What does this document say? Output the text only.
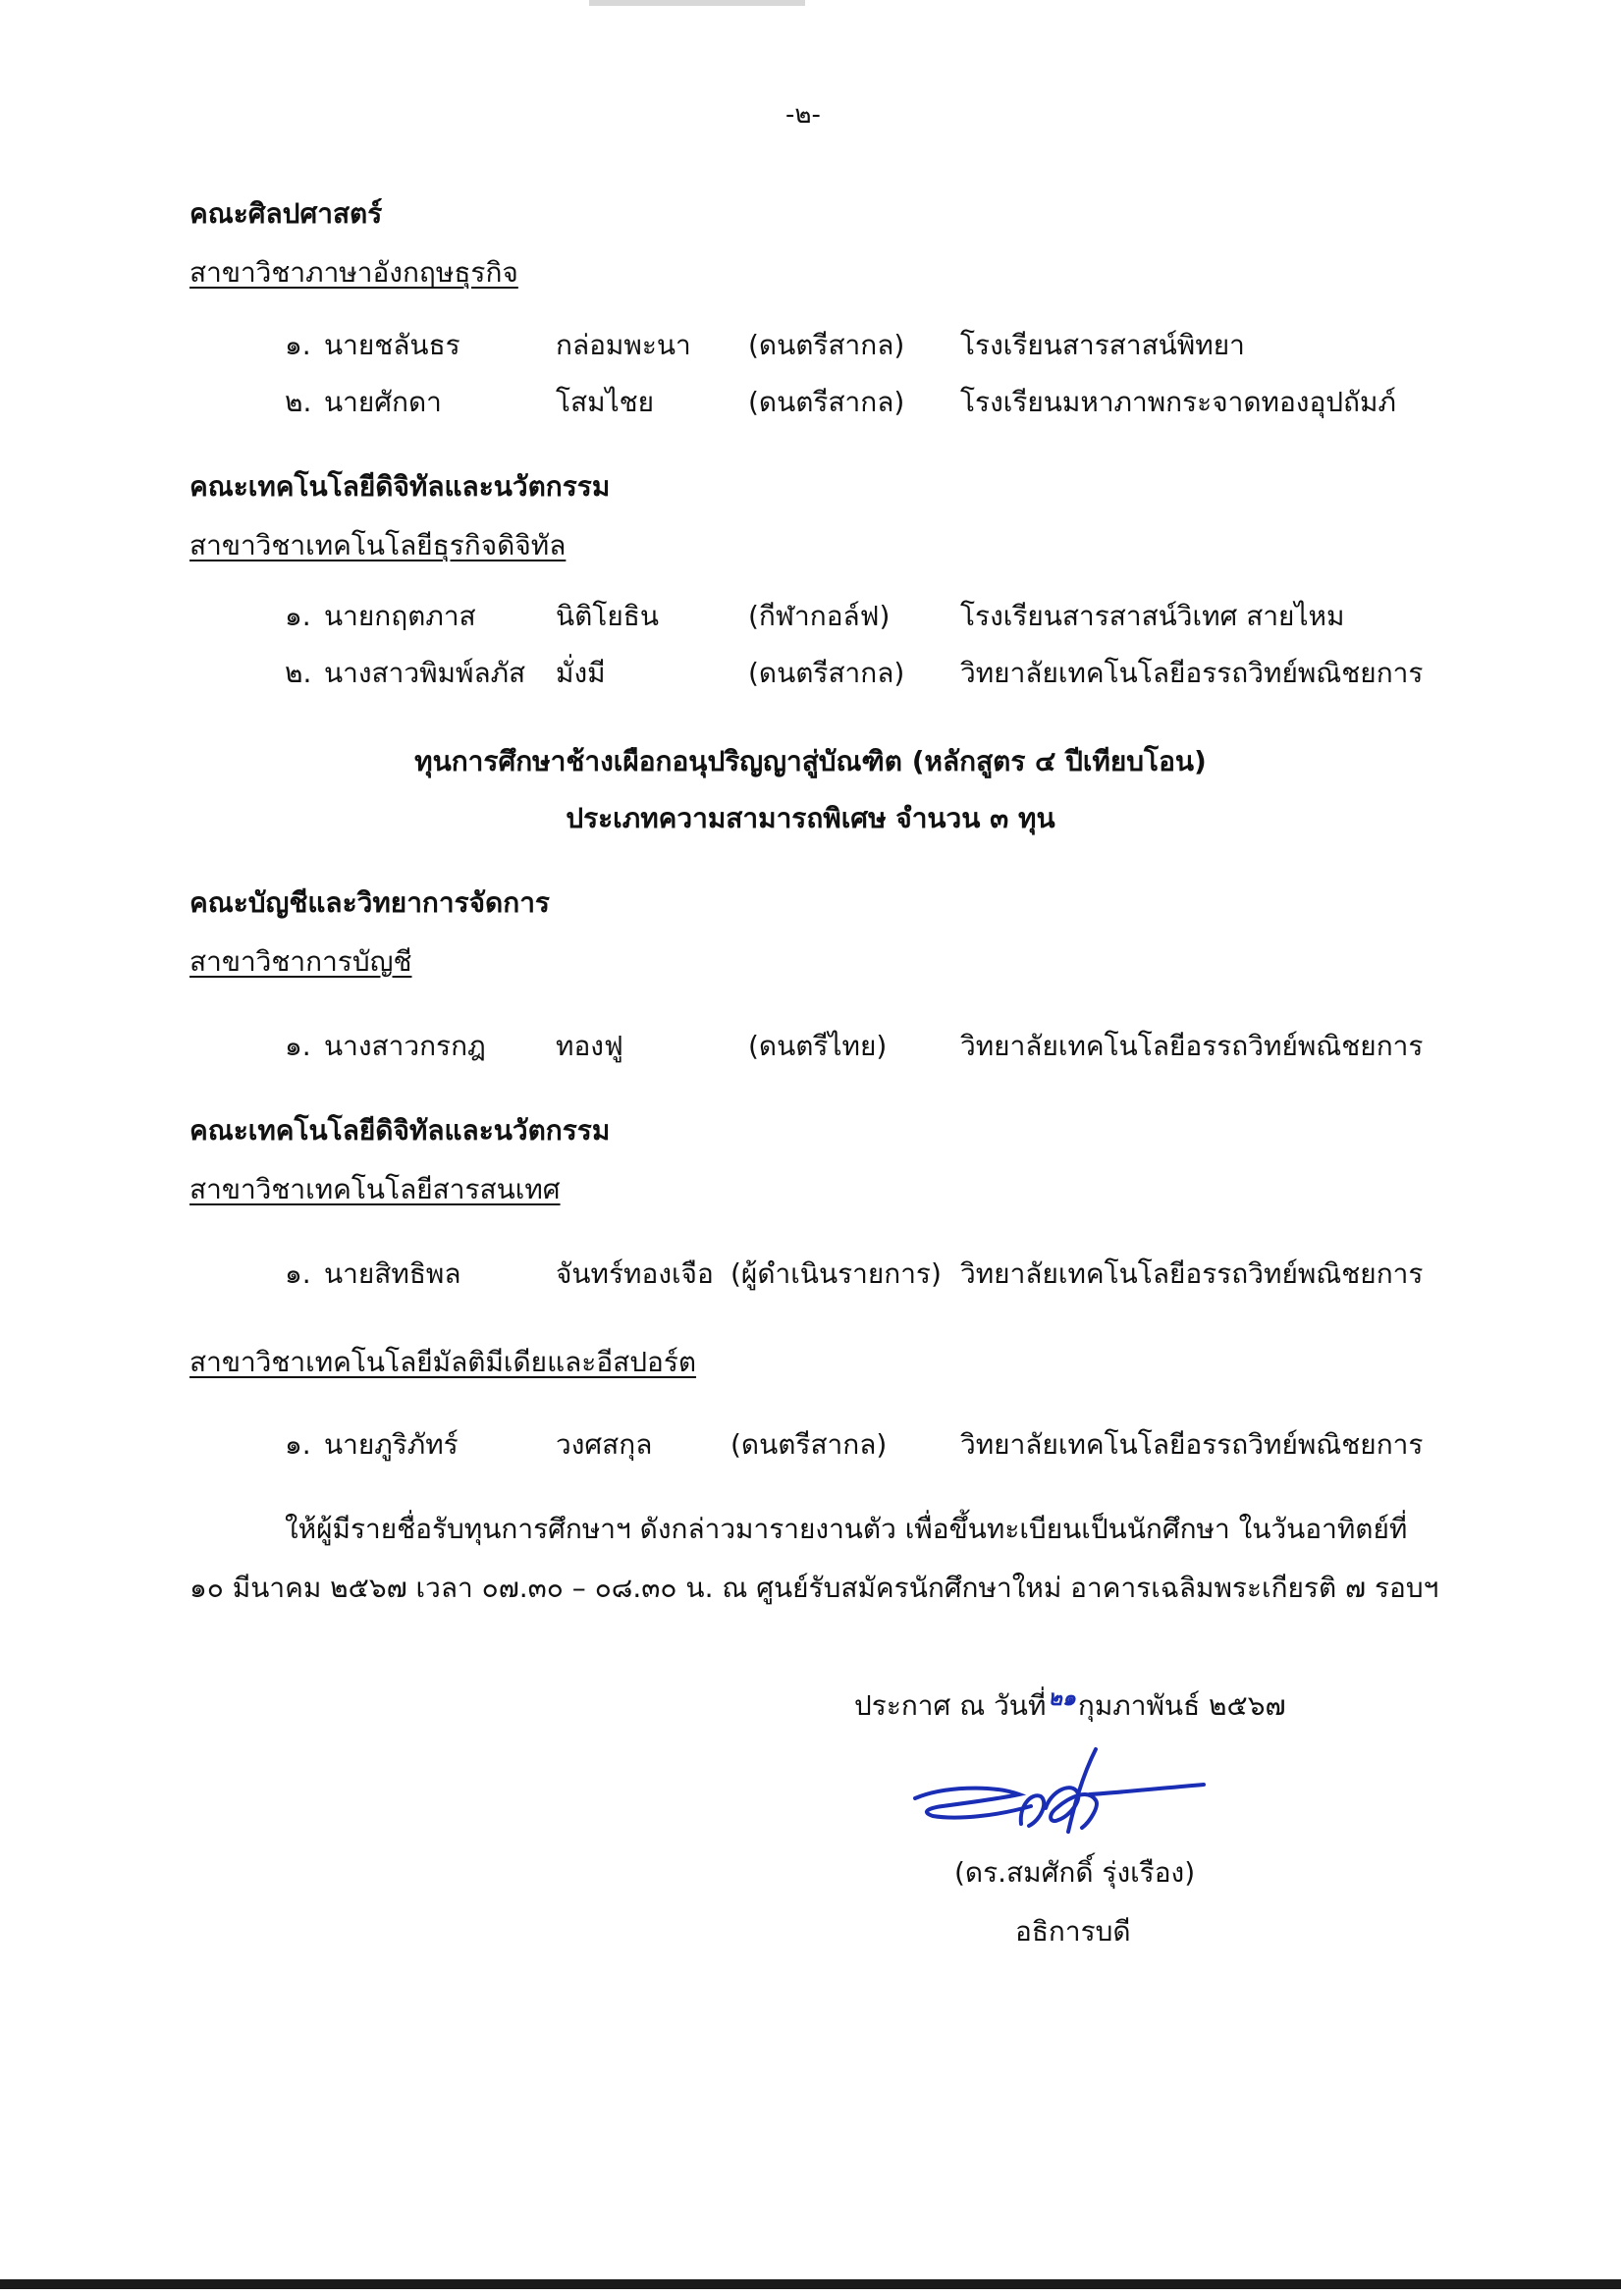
-๒-
คณะศิลปศาสตร์
สาขาวิชาภาษาอังกฤษธุรกิจ
๑. นายชลันธร	กล่อมพะนา (ดนตรีสากล) โรงเรียนสารสาสน์พิทยา
๒. นายศักดา	โสมไชย	(ดนตรีสากล) โรงเรียนมหาภาพกระจาดทองอุปถัมภ์
คณะเทคโนโลยีดิจิทัลและนวัตกรรม
สาขาวิชาเทคโนโลยีธุรกิจดิจิทัล
๑. นายกฤตภาส	นิติโยธิน	(กีฬากอล์ฟ)	โรงเรียนสารสาสน์วิเทศ สายไหม
๒. นางสาวพิมพ์ลภัส มั่งมี	(ดนตรีสากล) วิทยาลัยเทคโนโลยีอรรถวิทย์พณิชยการ
ทุนการศึกษาช้างเผือกอนุปริญญาสู่บัณฑิต (หลักสูตร ๔ ปีเทียบโอน)
ประเภทความสามารถพิเศษ จำนวน ๓ ทุน
คณะบัญชีและวิทยาการจัดการ
สาขาวิชาการบัญชี
๑. นางสาวกรกฎ	ทองฟู	(ดนตรีไทย)	วิทยาลัยเทคโนโลยีอรรถวิทย์พณิชยการ
คณะเทคโนโลยีดิจิทัลและนวัตกรรม
สาขาวิชาเทคโนโลยีสารสนเทศ
๑. นายสิทธิพล	จันทร์ทองเจือ (ผู้ดำเนินรายการ) วิทยาลัยเทคโนโลยีอรรถวิทย์พณิชยการ
สาขาวิชาเทคโนโลยีมัลติมีเดียและอีสปอร์ต
๑. นายภูริภัทร์	วงศสกุล	(ดนตรีสากล)	วิทยาลัยเทคโนโลยีอรรถวิทย์พณิชยการ
ให้ผู้มีรายชื่อรับทุนการศึกษาฯ ดังกล่าวมารายงานตัว เพื่อขึ้นทะเบียนเป็นนักศึกษา ในวันอาทิตย์ที่
๑๐ มีนาคม ๒๕๖๗ เวลา ๐๗.๓๐ – ๐๘.๓๐ น. ณ ศูนย์รับสมัครนักศึกษาใหม่ อาคารเฉลิมพระเกียรติ ๗ รอบฯ
ประกาศ ณ วันที่$^{๒๑}$กุมภาพันธ์ ๒๕๖๗
(ดร.สมศักดิ์ รุ่งเรือง)
อธิการบดี
